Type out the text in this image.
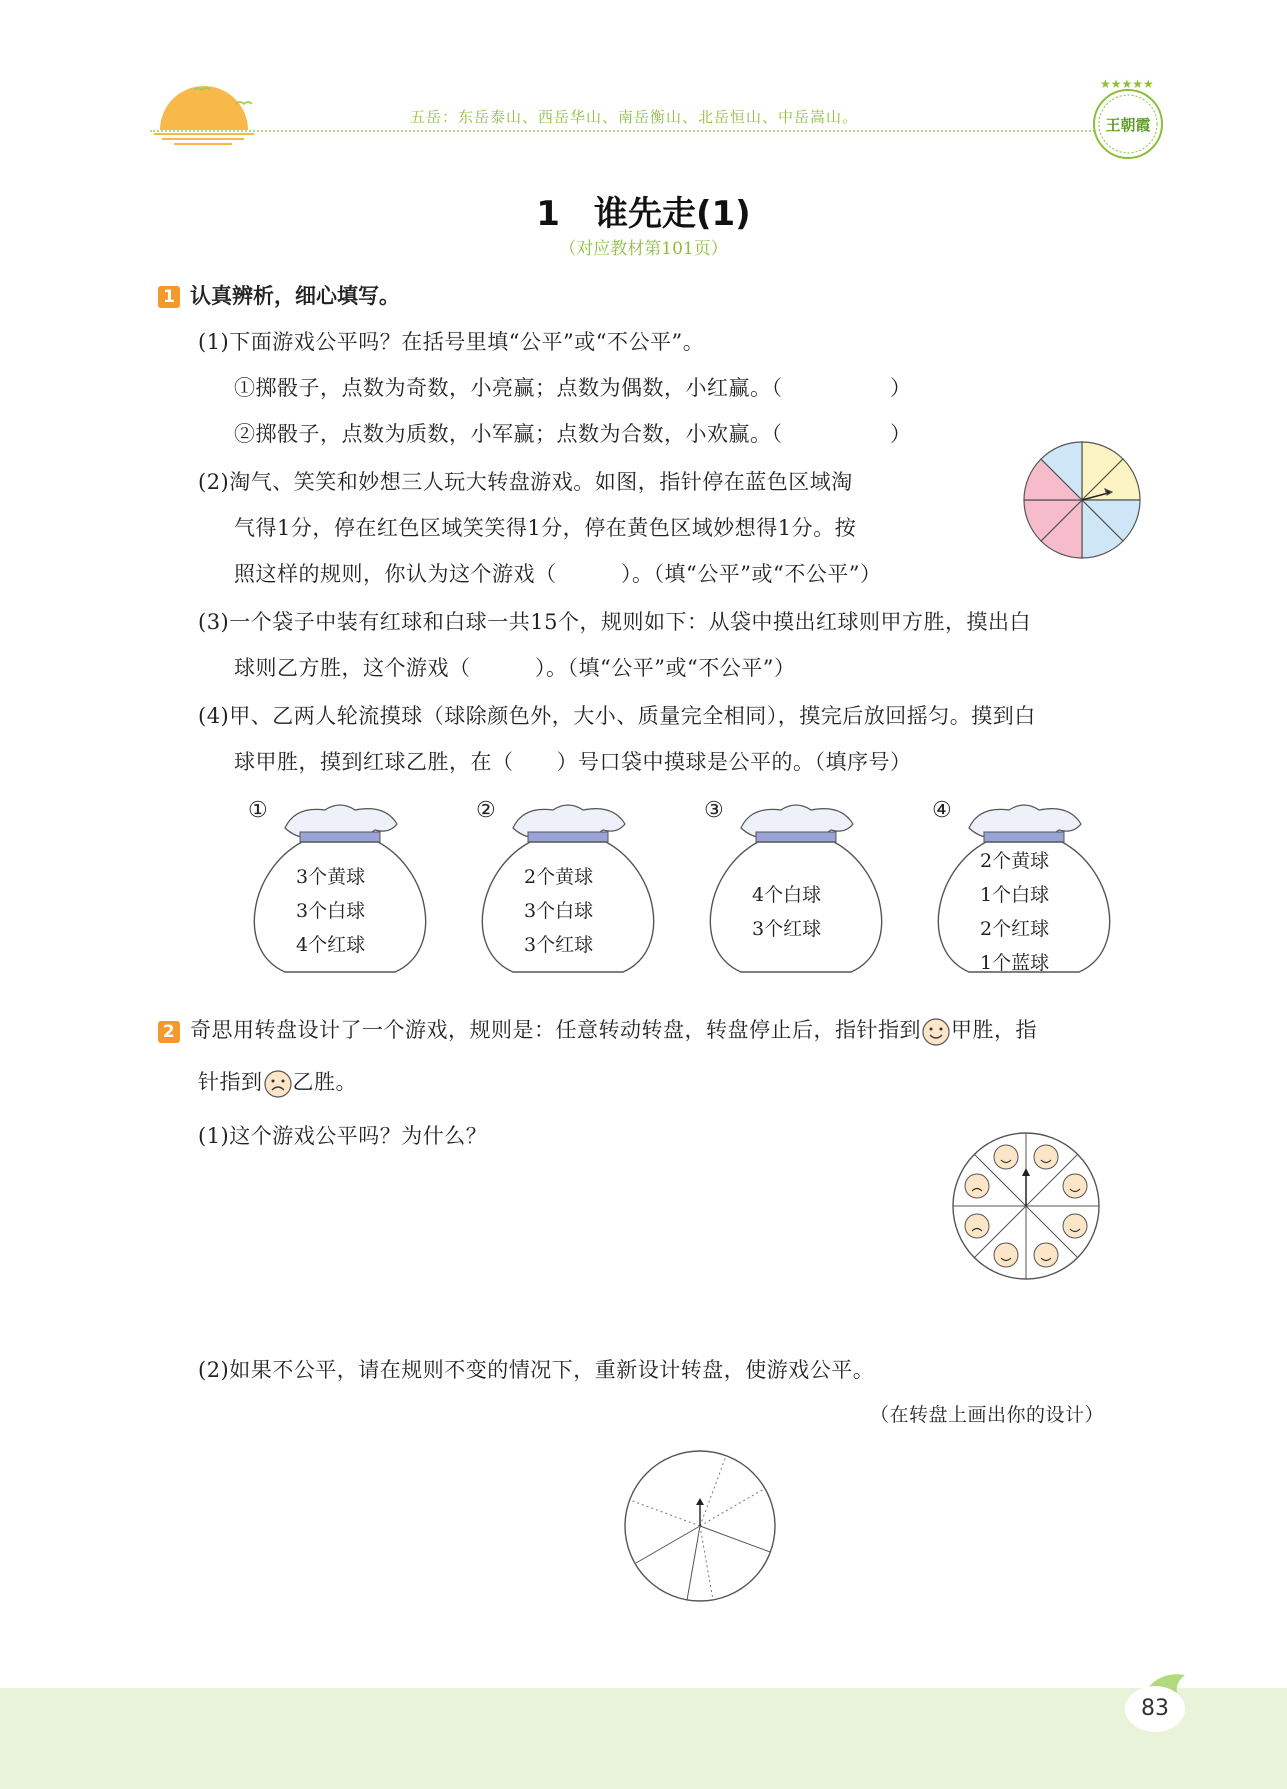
五岳：东岳泰山、西岳华山、南岳衡山、北岳恒山、中岳嵩山。
★★★★★
王朝霞
1　谁先走(1)
（对应教材第101页）
1 认真辨析，细心填写。
(1)下面游戏公平吗？在括号里填“公平”或“不公平”。
①掷骰子，点数为奇数，小亮赢；点数为偶数，小红赢。（　　　　　）
②掷骰子，点数为质数，小军赢；点数为合数，小欢赢。（　　　　　）
(2)淘气、笑笑和妙想三人玩大转盘游戏。如图，指针停在蓝色区域淘
气得1分，停在红色区域笑笑得1分，停在黄色区域妙想得1分。按
照这样的规则，你认为这个游戏（　　　）。（填“公平”或“不公平”）
(3)一个袋子中装有红球和白球一共15个，规则如下：从袋中摸出红球则甲方胜，摸出白
球则乙方胜，这个游戏（　　　）。（填“公平”或“不公平”）
(4)甲、乙两人轮流摸球（球除颜色外，大小、质量完全相同），摸完后放回摇匀。摸到白
球甲胜，摸到红球乙胜，在（　　）号口袋中摸球是公平的。（填序号）
①
3个黄球
3个白球
4个红球
②
2个黄球
3个白球
3个红球
③
4个白球
3个红球
④
2个黄球
1个白球
2个红球
1个蓝球
2 奇思用转盘设计了一个游戏，规则是：任意转动转盘，转盘停止后，指针指到 甲胜，指
针指到 乙胜。
(1)这个游戏公平吗？为什么？
(2)如果不公平，请在规则不变的情况下，重新设计转盘，使游戏公平。
（在转盘上画出你的设计）
83
